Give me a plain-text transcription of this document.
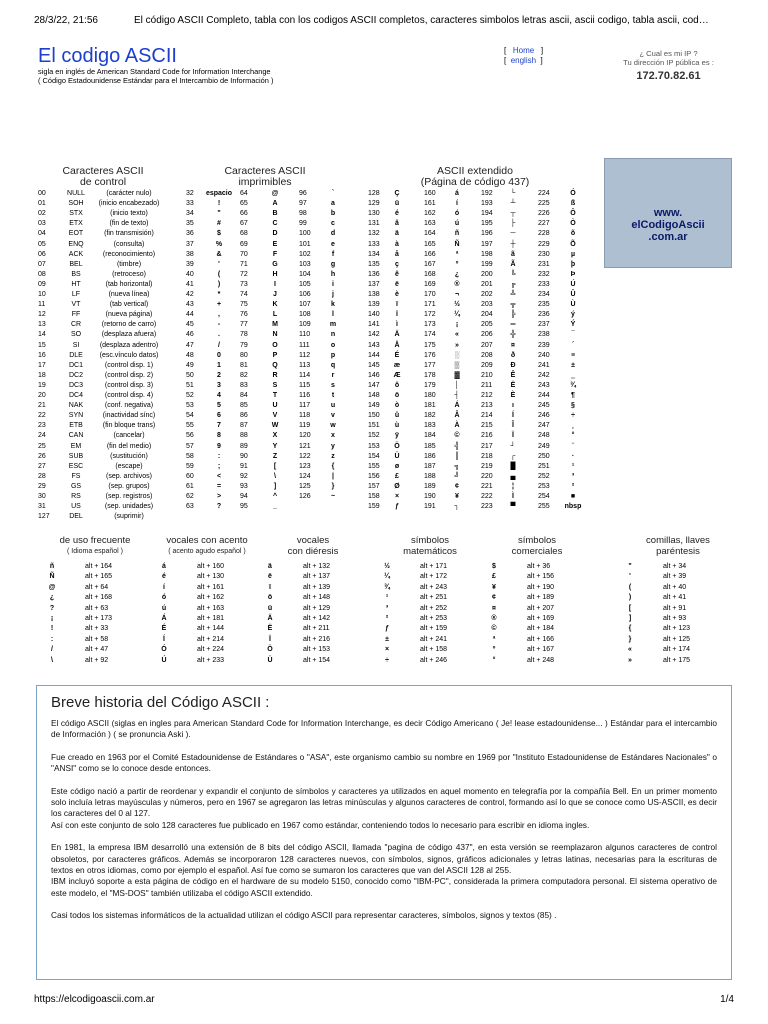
28/3/22, 21:56	El código ASCII Completo, tabla con los codigos ASCII completos, caracteres simbolos letras ascii, ascii codigo, tabla ascii, cod…
El codigo ASCII
sigla en inglés de American Standard Code for Information Interchange
( Código Estadounidense Estándar para el Intercambio de Información )
[ Home ]
[ english ]
¿ Cual es mi IP ?
Tu dirección IP pública es :
172.70.82.61
Caracteres ASCII
de control
Caracteres ASCII
imprimibles
ASCII extendido
(Página de código 437)
00	NULL	(carácter nulo)
01	SOH	(inicio encabezado)
02	STX	(inicio texto)
03	ETX	(fin de texto)
04	EOT	(fin transmisión)
05	ENQ	(consulta)
06	ACK	(reconocimiento)
07	BEL	(timbre)
08	BS	(retroceso)
09	HT	(tab horizontal)
10	LF	(nueva línea)
11	VT	(tab vertical)
12	FF	(nueva página)
13	CR	(retorno de carro)
14	SO	(desplaza afuera)
15	SI	(desplaza adentro)
16	DLE	(esc.vínculo datos)
17	DC1	(control disp. 1)
18	DC2	(control disp. 2)
19	DC3	(control disp. 3)
20	DC4	(control disp. 4)
21	NAK	(conf. negativa)
22	SYN	(inactividad sínc)
23	ETB	(fin bloque trans)
24	CAN	(cancelar)
25	EM	(fin del medio)
26	SUB	(sustitución)
27	ESC	(escape)
28	FS	(sep. archivos)
29	GS	(sep. grupos)
30	RS	(sep. registros)
31	US	(sep. unidades)
127	DEL	(suprimir)
32	espacio 64	@	96	`
33	!	65	A	97	a
34	"	66	B	98	b
35	#	67	C	99	c
36	$	68	D	100	d
37	%	69	E	101	e
38	&	70	F	102	f
39	'	71	G	103	g
40	(	72	H	104	h
41	)	73	I	105	i
42	*	74	J	106	j
43	+	75	K	107	k
44	,	76	L	108	l
45	-	77	M	109	m
46	.	78	N	110	n
47	/	79	O	111	o
48	0	80	P	112	p
49	1	81	Q	113	q
50	2	82	R	114	r
51	3	83	S	115	s
52	4	84	T	116	t
53	5	85	U	117	u
54	6	86	V	118	v
55	7	87	W	119	w
56	8	88	X	120	x
57	9	89	Y	121	y
58	:	90	Z	122	z
59	;	91	[	123	{
60	<	92	\	124	|
61	=	93	]	125	}
62	>	94	^	126	~
63	?	95	_
128	Ç	160	á	192	└	224	Ó
129	ü	161	í	193	┴	225	ß
130	é	162	ó	194	┬	226	Ô
131	â	163	ú	195	├	227	Ò
132	ä	164	ñ	196	─	228	õ
133	à	165	Ñ	197	┼	229	Õ
134	å	166	ª	198	ã	230	µ
135	ç	167	º	199	Ã	231	þ
136	ê	168	¿	200	╚	232	Þ
137	ë	169	®	201	╔	233	Ú
138	è	170	¬	202	╩	234	Û
139	ï	171	½	203	╦	235	Ù
140	î	172	¼	204	╠	236	ý
141	ì	173	¡	205	═	237	Ý
142	Ä	174	«	206	╬	238	¯
143	Å	175	»	207	¤	239	´
144	É	176	░	208	ð	240	≡
145	æ	177	▒	209	Ð	241	±
146	Æ	178	▓	210	Ê	242	‗
147	ô	179	│	211	Ë	243	¾
148	ö	180	┤	212	È	244	¶
149	ò	181	Á	213	ı	245	§
150	û	182	Â	214	Í	246	÷
151	ù	183	À	215	Î	247	¸
152	ÿ	184	©	216	Ï	248	°
153	Ö	185	╣	217	┘	249	¨
154	Ü	186	║	218	┌	250	·
155	ø	187	╗	219	█	251	¹
156	£	188	╝	220	▄	252	³
157	Ø	189	¢	221	¦	253	²
158	×	190	¥	222	Ì	254	■
159	ƒ	191	┐	223	▀	255	nbsp
www.
elCodigoAscii
.com.ar
de uso frecuente
( Idioma español )
ñ	alt + 164
Ñ	alt + 165
@	alt + 64
¿	alt + 168
?	alt + 63
¡	alt + 173
!	alt + 33
:	alt + 58
/	alt + 47
\	alt + 92
vocales con acento
( acento agudo español )
á	alt + 160
é	alt + 130
í	alt + 161
ó	alt + 162
ú	alt + 163
Á	alt + 181
É	alt + 144
Í	alt + 214
Ó	alt + 224
Ú	alt + 233
vocales
con diéresis
ä	alt + 132
ë	alt + 137
ï	alt + 139
ö	alt + 148
ü	alt + 129
Ä	alt + 142
Ë	alt + 211
Ï	alt + 216
Ö	alt + 153
Ü	alt + 154
símbolos
matemáticos
½	alt + 171
¼	alt + 172
¾	alt + 243
¹	alt + 251
³	alt + 252
²	alt + 253
ƒ	alt + 159
±	alt + 241
×	alt + 158
÷	alt + 246
símbolos
comerciales
$	alt + 36
£	alt + 156
¥	alt + 190
¢	alt + 189
¤	alt + 207
®	alt + 169
©	alt + 184
ª	alt + 166
º	alt + 167
°	alt + 248
comillas, llaves
paréntesis
"	alt + 34
'	alt + 39
(	alt + 40
)	alt + 41
[	alt + 91
]	alt + 93
{	alt + 123
}	alt + 125
«	alt + 174
»	alt + 175
Breve historia del Código ASCII :

El código ASCII (siglas en ingles para American Standard Code for Information Interchange, es decir Código Americano ( Je! lease estadounidense... ) Estándar para el intercambio de Información ) ( se pronuncia Aski ).

Fue creado en 1963 por el Comité Estadounidense de Estándares o "ASA", este organismo cambio su nombre en 1969 por "Instituto Estadounidense de Estándares Nacionales" o "ANSI" como se lo conoce desde entonces.

Este código nació a partir de reordenar y expandir el conjunto de símbolos y caracteres ya utilizados en aquel momento en telegrafía por la compañía Bell. En un primer momento solo incluía letras mayúsculas y números, pero en 1967 se agregaron las letras minúsculas y algunos caracteres de control, formando así lo que se conoce como US-ASCII, es decir los caracteres del 0 al 127.
Así con este conjunto de solo 128 caracteres fue publicado en 1967 como estándar, conteniendo todos lo necesario para escribir en idioma ingles.

En 1981, la empresa IBM desarrolló una extensión de 8 bits del código ASCII, llamada "pagina de código 437", en esta versión se reemplazaron algunos caracteres de control obsoletos, por caracteres gráficos. Además se incorporaron 128 caracteres nuevos, con símbolos, signos, gráficos adicionales y letras latinas, necesarias para la escrituras de textos en otros idiomas, como por ejemplo el español. Así fue como se sumaron los caracteres que van del ASCII 128 al 255.
IBM incluyó soporte a esta página de código en el hardware de su modelo 5150, conocido como "IBM-PC", considerada la primera computadora personal. El sistema operativo de este modelo, el "MS-DOS" también utilizaba el código ASCII extendido.

Casi todos los sistemas informáticos de la actualidad utilizan el código ASCII para representar caracteres, símbolos, signos y textos (85) .

https://elcodigoascii.com.ar	1/4
